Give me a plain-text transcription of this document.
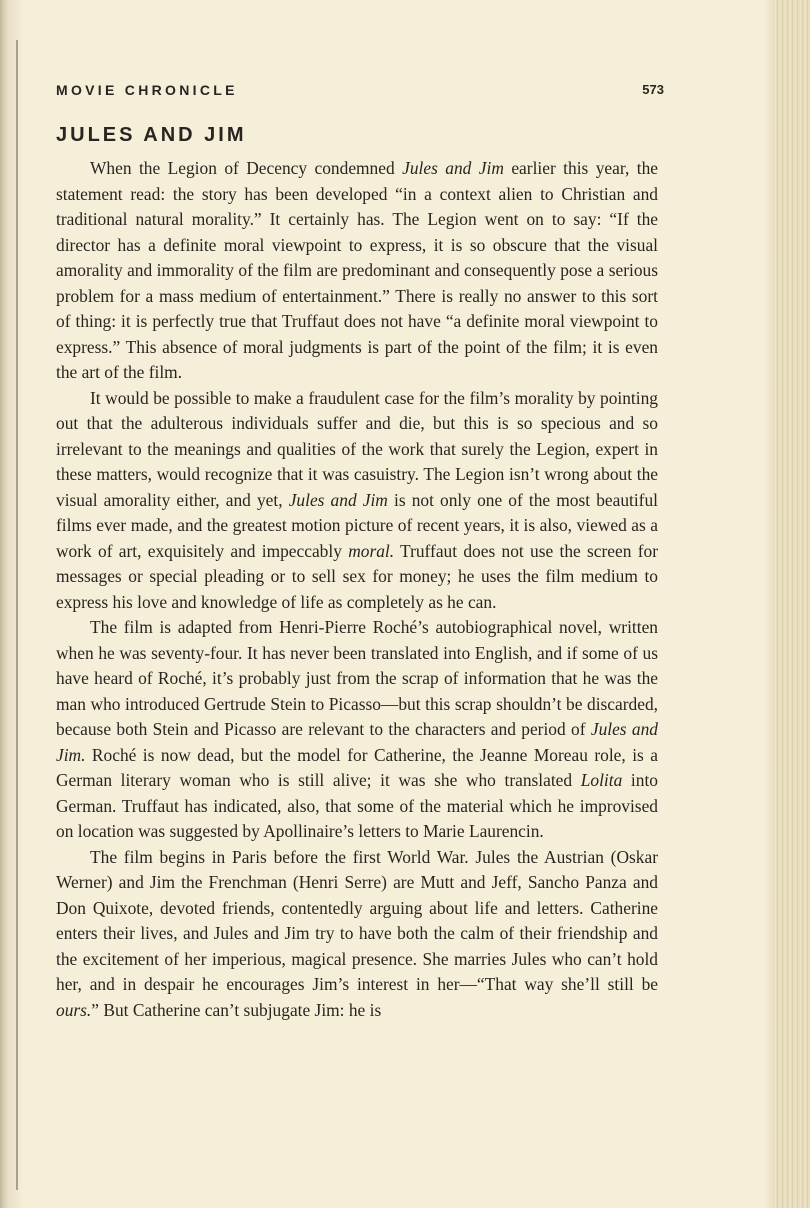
MOVIE CHRONICLE	573
JULES AND JIM

When the Legion of Decency condemned Jules and Jim earlier this year, the statement read: the story has been developed “in a context alien to Christian and traditional natural morality.” It certainly has. The Legion went on to say: “If the director has a definite moral viewpoint to express, it is so obscure that the visual amorality and immorality of the film are predominant and consequently pose a serious problem for a mass medium of entertainment.” There is really no answer to this sort of thing: it is perfectly true that Truffaut does not have “a definite moral viewpoint to express.” This absence of moral judgments is part of the point of the film; it is even the art of the film.

It would be possible to make a fraudulent case for the film’s morality by pointing out that the adulterous individuals suffer and die, but this is so specious and so irrelevant to the meanings and qualities of the work that surely the Legion, expert in these matters, would recognize that it was casuistry. The Legion isn’t wrong about the visual amorality either, and yet, Jules and Jim is not only one of the most beautiful films ever made, and the greatest motion picture of recent years, it is also, viewed as a work of art, exquisitely and impeccably moral. Truffaut does not use the screen for messages or special pleading or to sell sex for money; he uses the film medium to express his love and knowledge of life as completely as he can.

The film is adapted from Henri-Pierre Roché’s autobiographical novel, written when he was seventy-four. It has never been translated into English, and if some of us have heard of Roché, it’s probably just from the scrap of information that he was the man who introduced Gertrude Stein to Picasso—but this scrap shouldn’t be discarded, because both Stein and Picasso are relevant to the characters and period of Jules and Jim. Roché is now dead, but the model for Catherine, the Jeanne Moreau role, is a German literary woman who is still alive; it was she who translated Lolita into German. Truffaut has indicated, also, that some of the material which he improvised on location was suggested by Apollinaire’s letters to Marie Laurencin.

The film begins in Paris before the first World War. Jules the Austrian (Oskar Werner) and Jim the Frenchman (Henri Serre) are Mutt and Jeff, Sancho Panza and Don Quixote, devoted friends, contentedly arguing about life and letters. Catherine enters their lives, and Jules and Jim try to have both the calm of their friendship and the excitement of her imperious, magical presence. She marries Jules who can’t hold her, and in despair he encourages Jim’s interest in her—“That way she’ll still be ours.” But Catherine can’t subjugate Jim: he is
